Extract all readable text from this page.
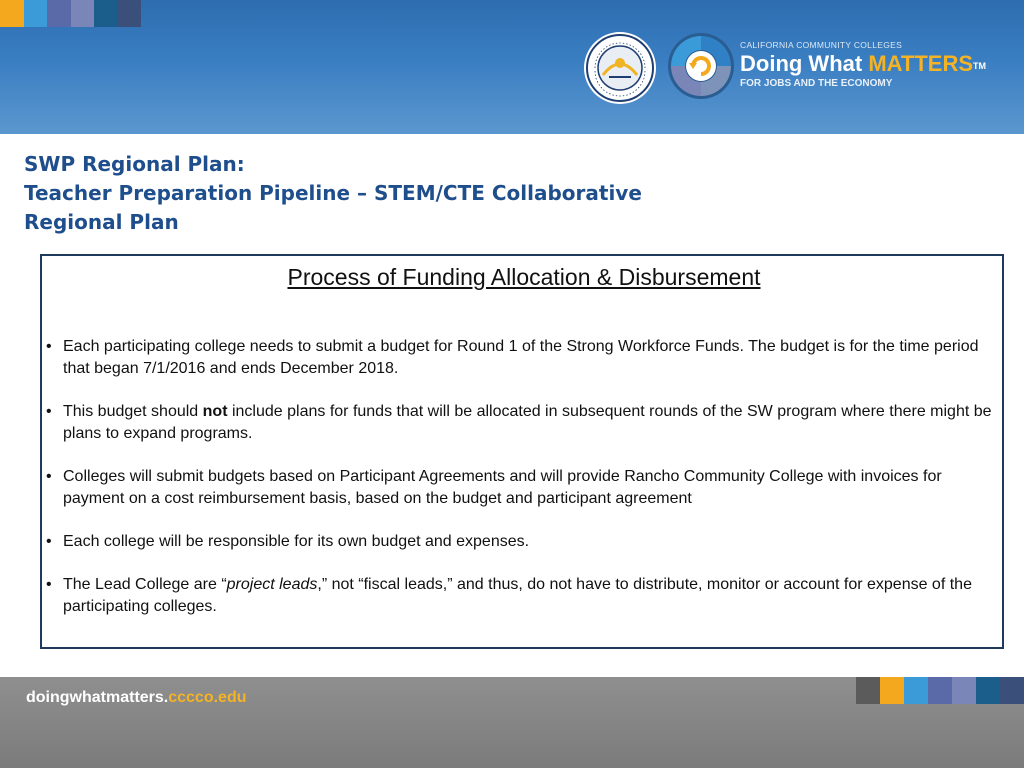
CALIFORNIA COMMUNITY COLLEGES
Doing What MATTERS™
FOR JOBS AND THE ECONOMY
SWP Regional Plan:
Teacher Preparation Pipeline – STEM/CTE Collaborative
Regional Plan
Process of Funding Allocation & Disbursement
• Each participating college needs to submit a budget for Round 1 of the Strong Workforce Funds. The budget is for the time period that began 7/1/2016 and ends December 2018.
• This budget should not include plans for funds that will be allocated in subsequent rounds of the SW program where there might be plans to expand programs.
• Colleges will submit budgets based on Participant Agreements and will provide Rancho Community College with invoices for payment on a cost reimbursement basis, based on the budget and participant agreement
• Each college will be responsible for its own budget and expenses.
• The Lead College are “project leads,” not “fiscal leads,” and thus, do not have to distribute, monitor or account for expense of the participating colleges.
doingwhatmatters.cccco.edu
